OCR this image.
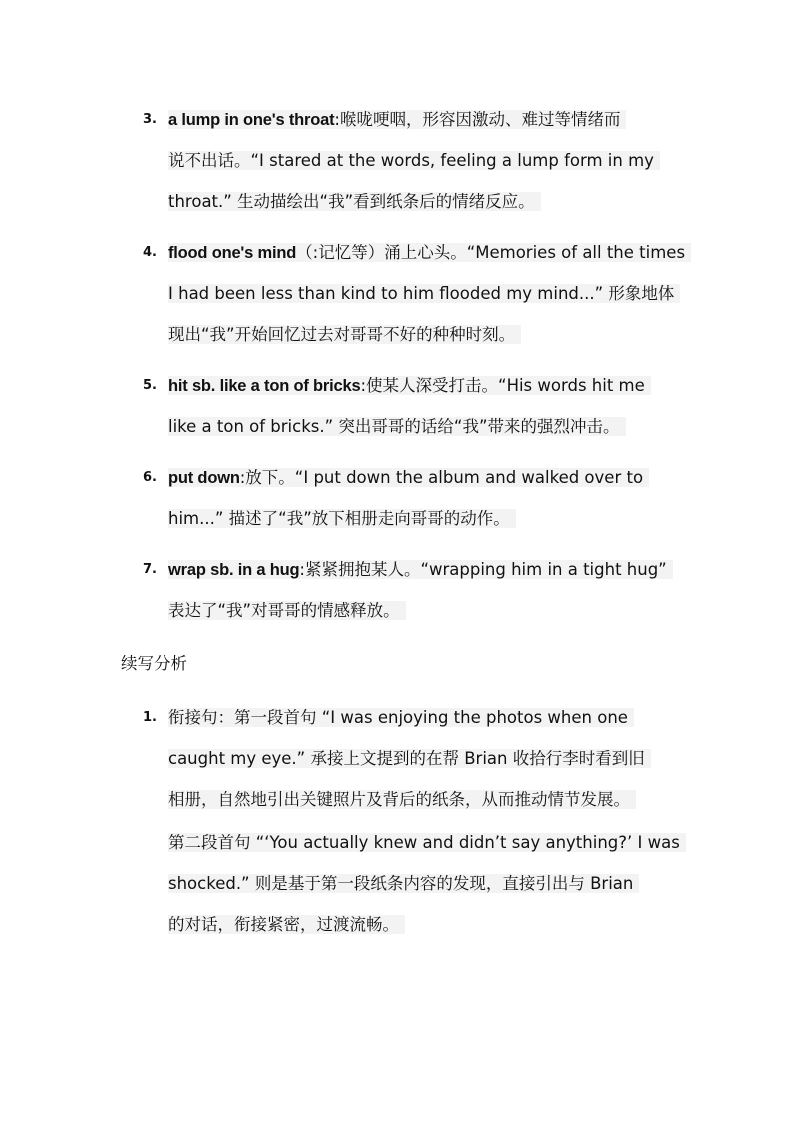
3. a lump in one's throat:喉咙哽咽，形容因激动、难过等情绪而
说不出话。“I stared at the words, feeling a lump form in my
throat.” 生动描绘出“我”看到纸条后的情绪反应。
4. flood one's mind（:记忆等）涌上心头。“Memories of all the times
I had been less than kind to him flooded my mind...” 形象地体
现出“我”开始回忆过去对哥哥不好的种种时刻。
5. hit sb. like a ton of bricks:使某人深受打击。“His words hit me
like a ton of bricks.” 突出哥哥的话给“我”带来的强烈冲击。
6. put down:放下。“I put down the album and walked over to
him...” 描述了“我”放下相册走向哥哥的动作。
7. wrap sb. in a hug:紧紧拥抱某人。“wrapping him in a tight hug”
表达了“我”对哥哥的情感释放。
续写分析
1. 衔接句：第一段首句 “I was enjoying the photos when one
caught my eye.” 承接上文提到的在帮 Brian 收拾行李时看到旧
相册，自然地引出关键照片及背后的纸条，从而推动情节发展。
第二段首句 “‘You actually knew and didn’t say anything?’ I was
shocked.” 则是基于第一段纸条内容的发现，直接引出与 Brian
的对话，衔接紧密，过渡流畅。
